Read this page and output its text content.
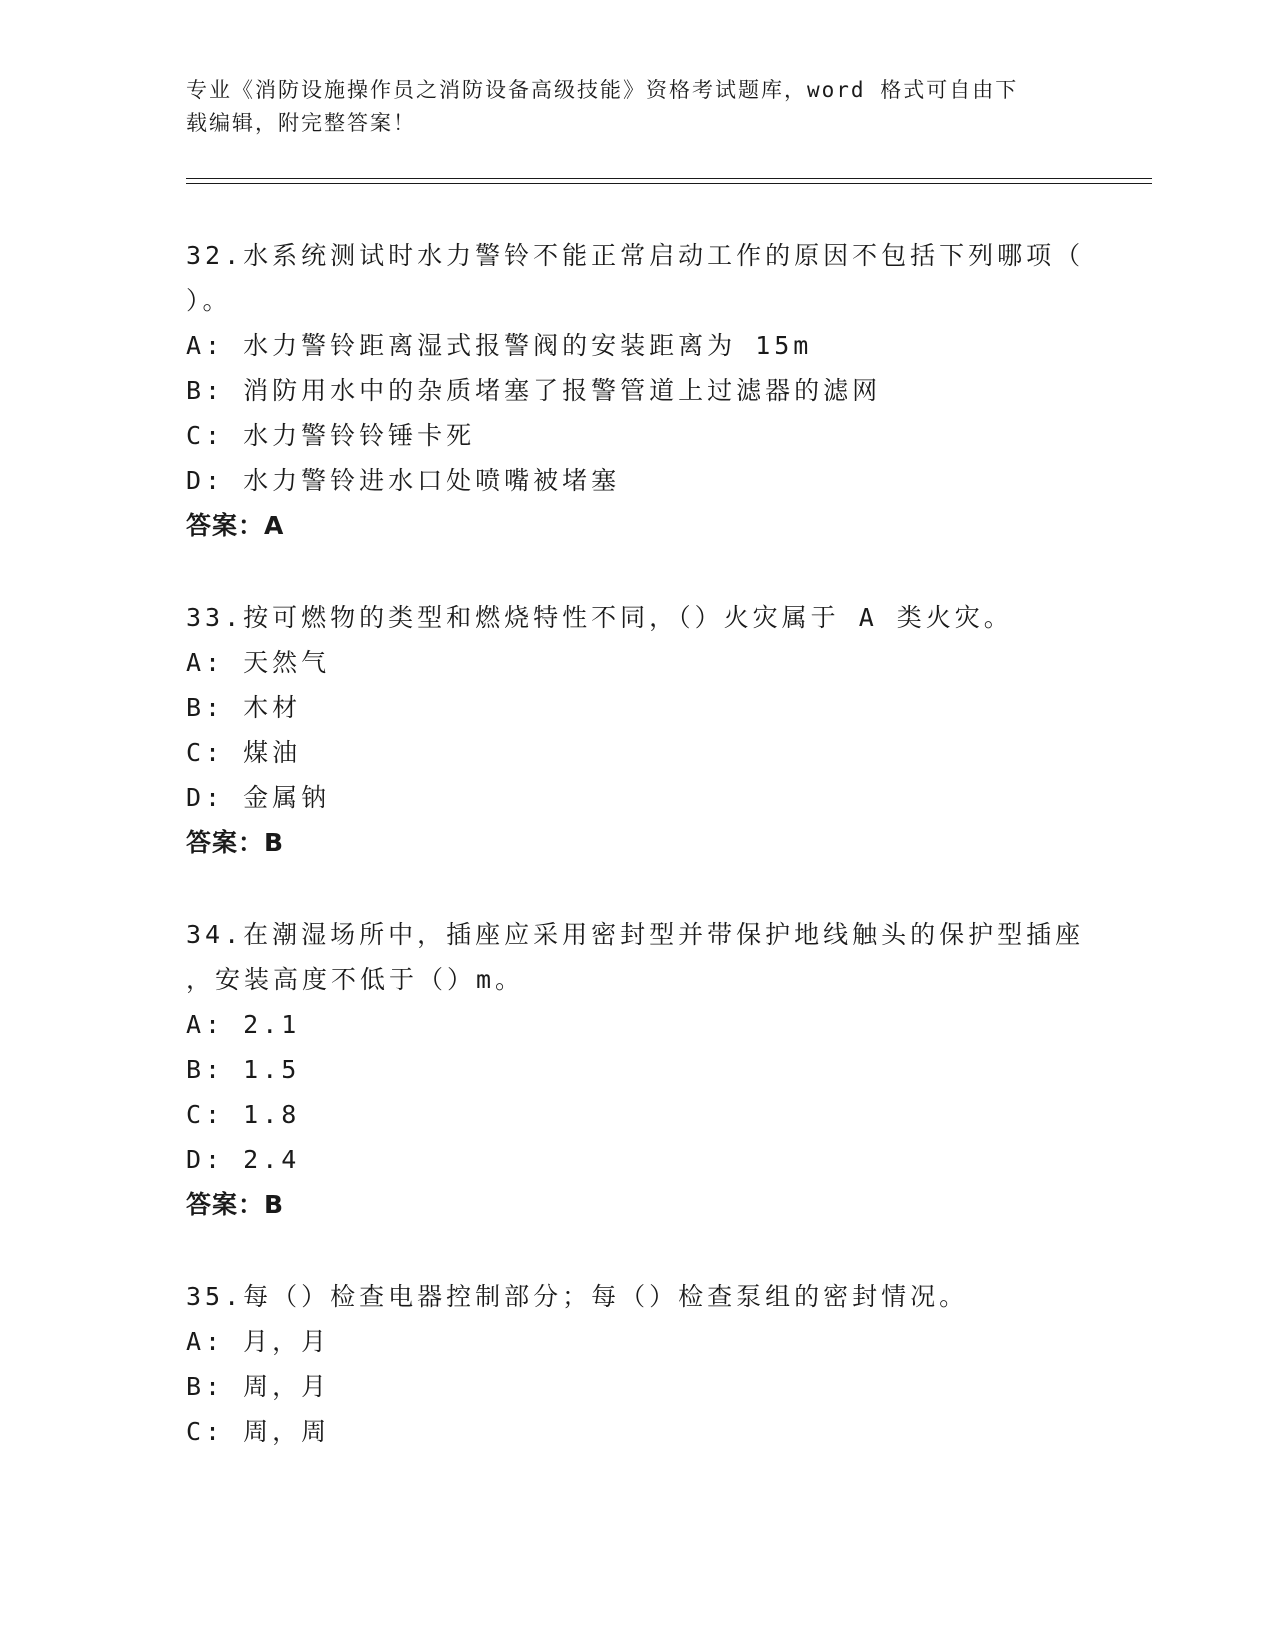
专业《消防设施操作员之消防设备高级技能》资格考试题库，word 格式可自由下
载编辑，附完整答案！
32.水系统测试时水力警铃不能正常启动工作的原因不包括下列哪项（
）。
A: 水力警铃距离湿式报警阀的安装距离为 15m
B: 消防用水中的杂质堵塞了报警管道上过滤器的滤网
C: 水力警铃铃锤卡死
D: 水力警铃进水口处喷嘴被堵塞
答案：A
33.按可燃物的类型和燃烧特性不同，（）火灾属于 A 类火灾。
A: 天然气
B: 木材
C: 煤油
D: 金属钠
答案：B
34.在潮湿场所中，插座应采用密封型并带保护地线触头的保护型插座
，安装高度不低于（）m。
A: 2.1
B: 1.5
C: 1.8
D: 2.4
答案：B
35.每（）检查电器控制部分；每（）检查泵组的密封情况。
A: 月，月
B: 周，月
C: 周，周
